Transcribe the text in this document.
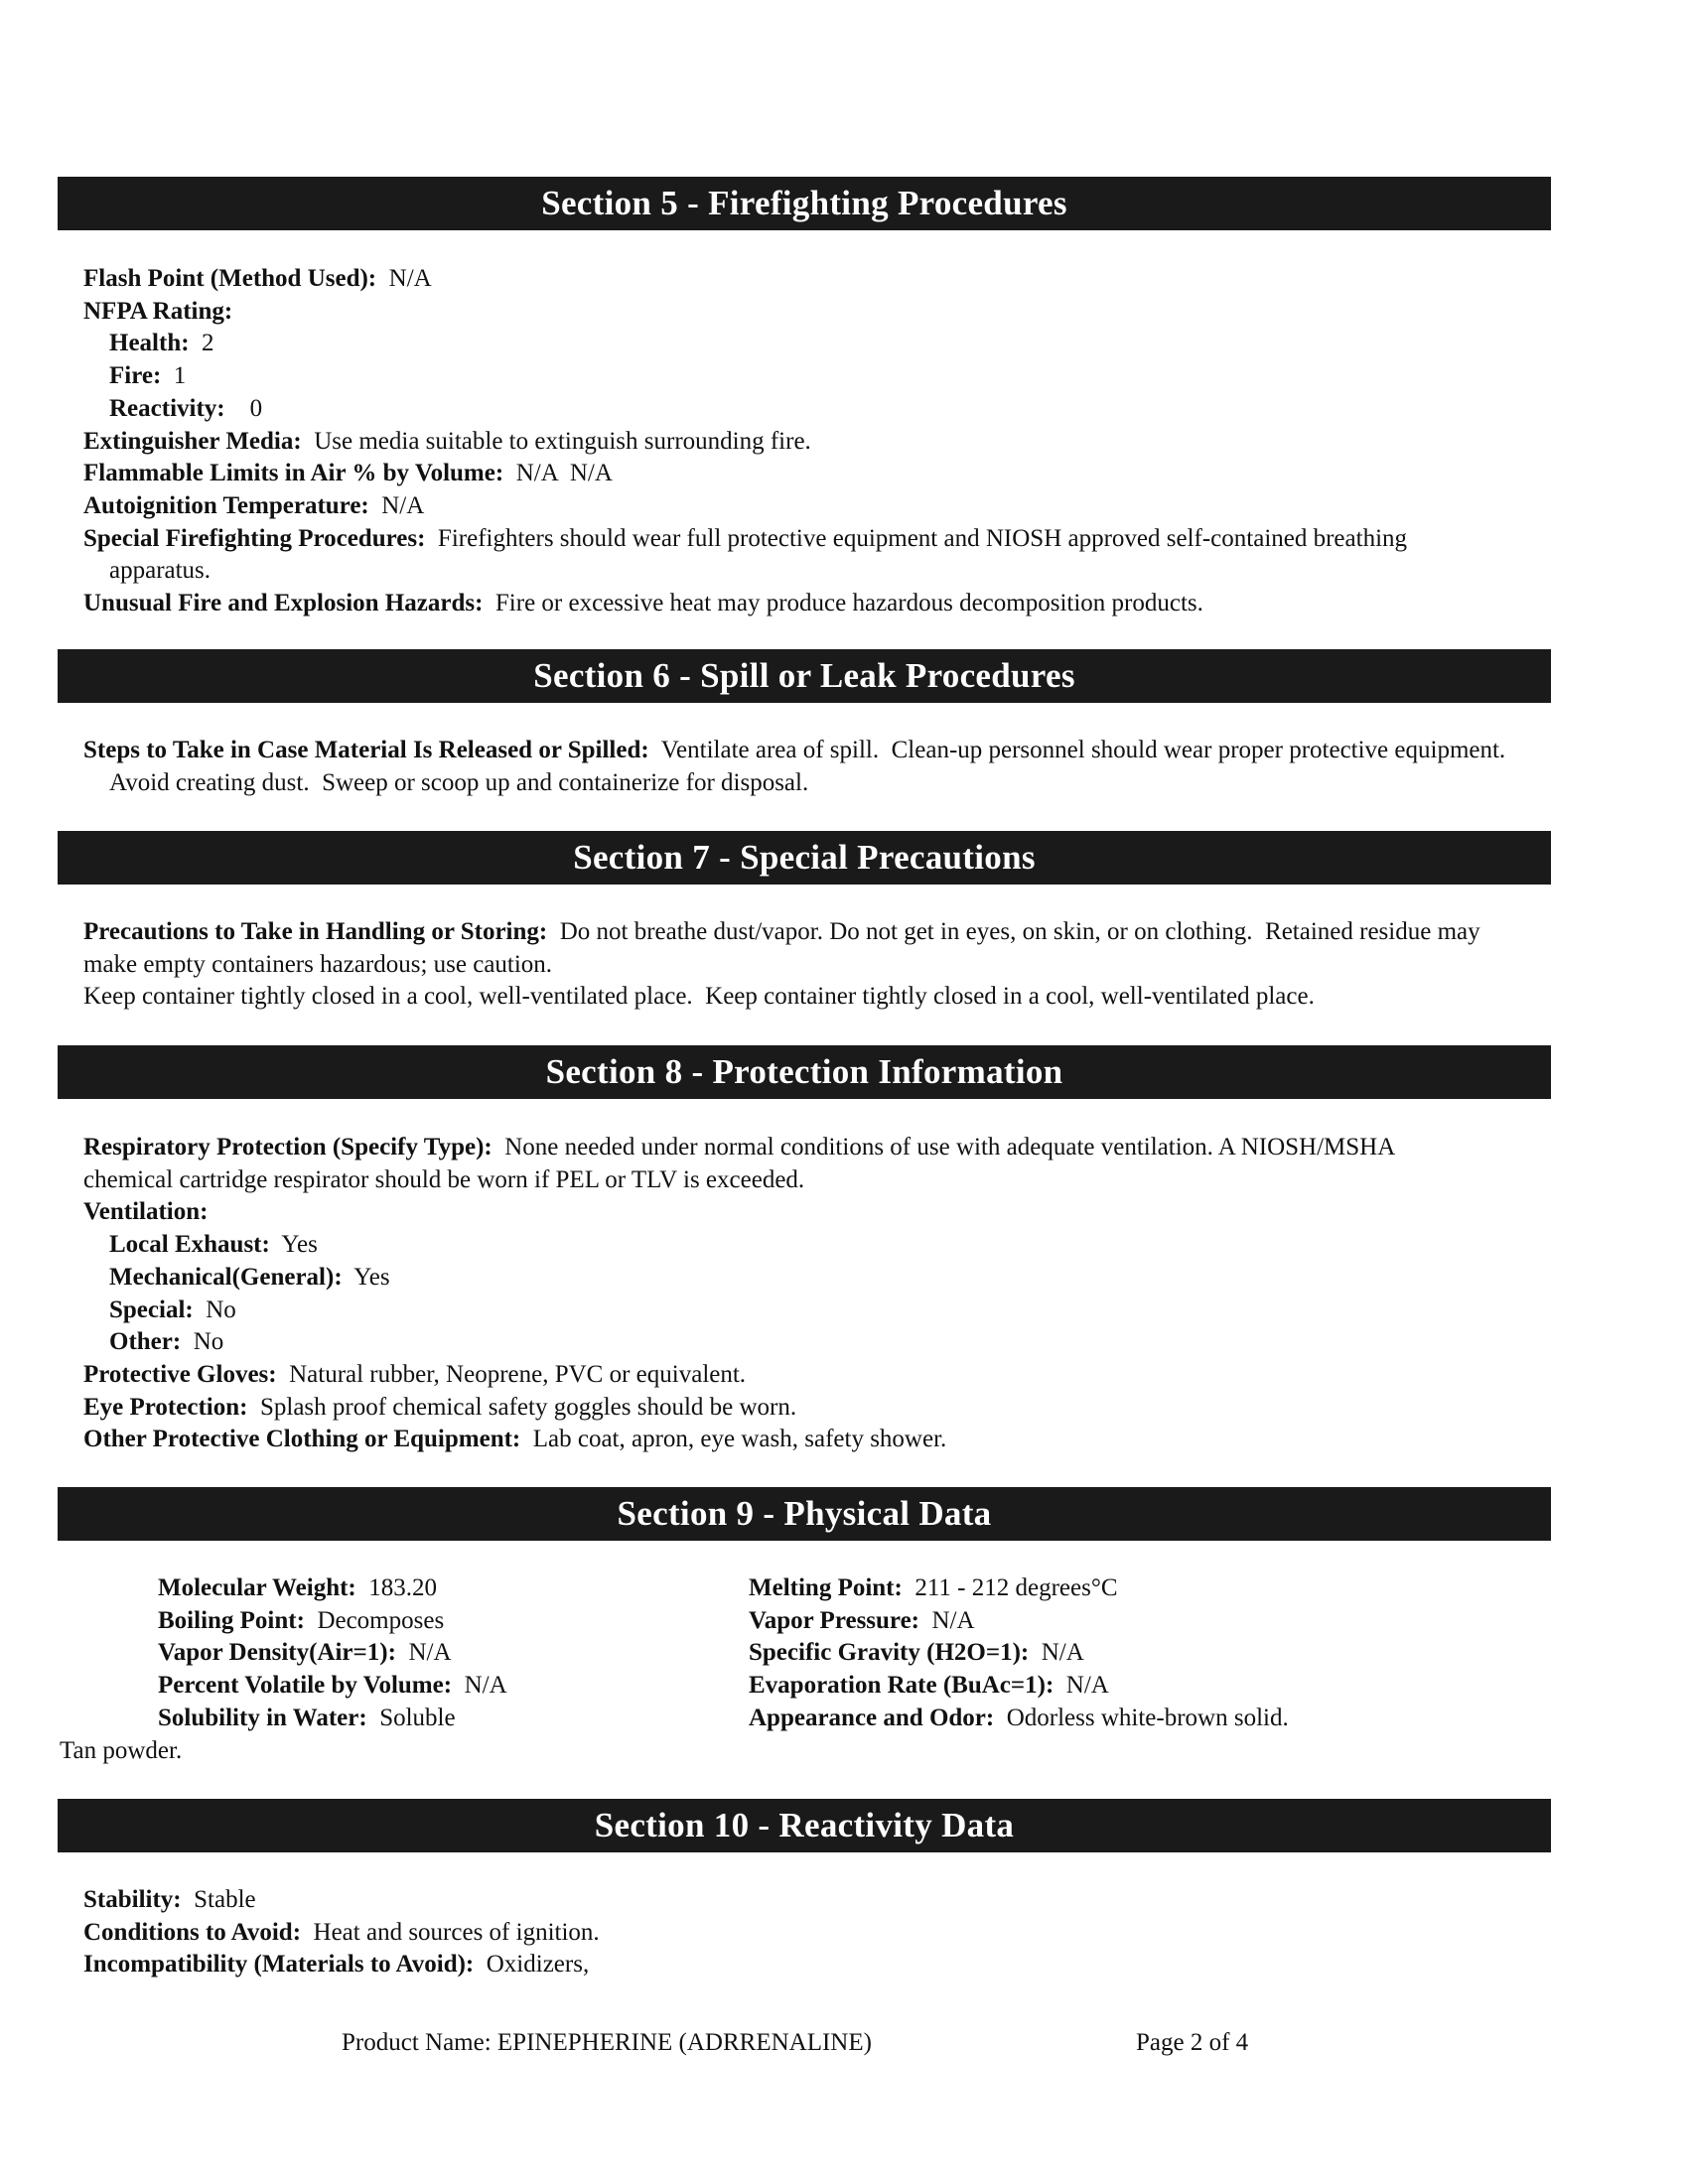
Section 5 - Firefighting Procedures
Flash Point (Method Used): N/A
NFPA Rating:
Health: 2
Fire: 1
Reactivity: 0
Extinguisher Media: Use media suitable to extinguish surrounding fire.
Flammable Limits in Air % by Volume: N/A  N/A
Autoignition Temperature: N/A
Special Firefighting Procedures: Firefighters should wear full protective equipment and NIOSH approved self-contained breathing apparatus.
Unusual Fire and Explosion Hazards: Fire or excessive heat may produce hazardous decomposition products.
Section 6 - Spill or Leak Procedures
Steps to Take in Case Material Is Released or Spilled: Ventilate area of spill.  Clean-up personnel should wear proper protective equipment.  Avoid creating dust.  Sweep or scoop up and containerize for disposal.
Section 7 - Special Precautions
Precautions to Take in Handling or Storing: Do not breathe dust/vapor. Do not get in eyes, on skin, or on clothing.  Retained residue may make empty containers hazardous; use caution.
Keep container tightly closed in a cool, well-ventilated place.  Keep container tightly closed in a cool, well-ventilated place.
Section 8 - Protection Information
Respiratory Protection (Specify Type): None needed under normal conditions of use with adequate ventilation. A NIOSH/MSHA chemical cartridge respirator should be worn if PEL or TLV is exceeded.
Ventilation:
Local Exhaust: Yes
Mechanical(General): Yes
Special: No
Other: No
Protective Gloves: Natural rubber, Neoprene, PVC or equivalent.
Eye Protection: Splash proof chemical safety goggles should be worn.
Other Protective Clothing or Equipment: Lab coat, apron, eye wash, safety shower.
Section 9 - Physical Data
Molecular Weight: 183.20
Boiling Point: Decomposes
Vapor Density(Air=1): N/A
Percent Volatile by Volume: N/A
Solubility in Water: Soluble
Melting Point: 211 - 212 degrees°C
Vapor Pressure: N/A
Specific Gravity (H2O=1): N/A
Evaporation Rate (BuAc=1): N/A
Appearance and Odor: Odorless white-brown solid.
Tan powder.
Section 10 - Reactivity Data
Stability: Stable
Conditions to Avoid: Heat and sources of ignition.
Incompatibility (Materials to Avoid): Oxidizers,
Product Name: EPINEPHERINE (ADRRENALINE)	Page 2 of 4
